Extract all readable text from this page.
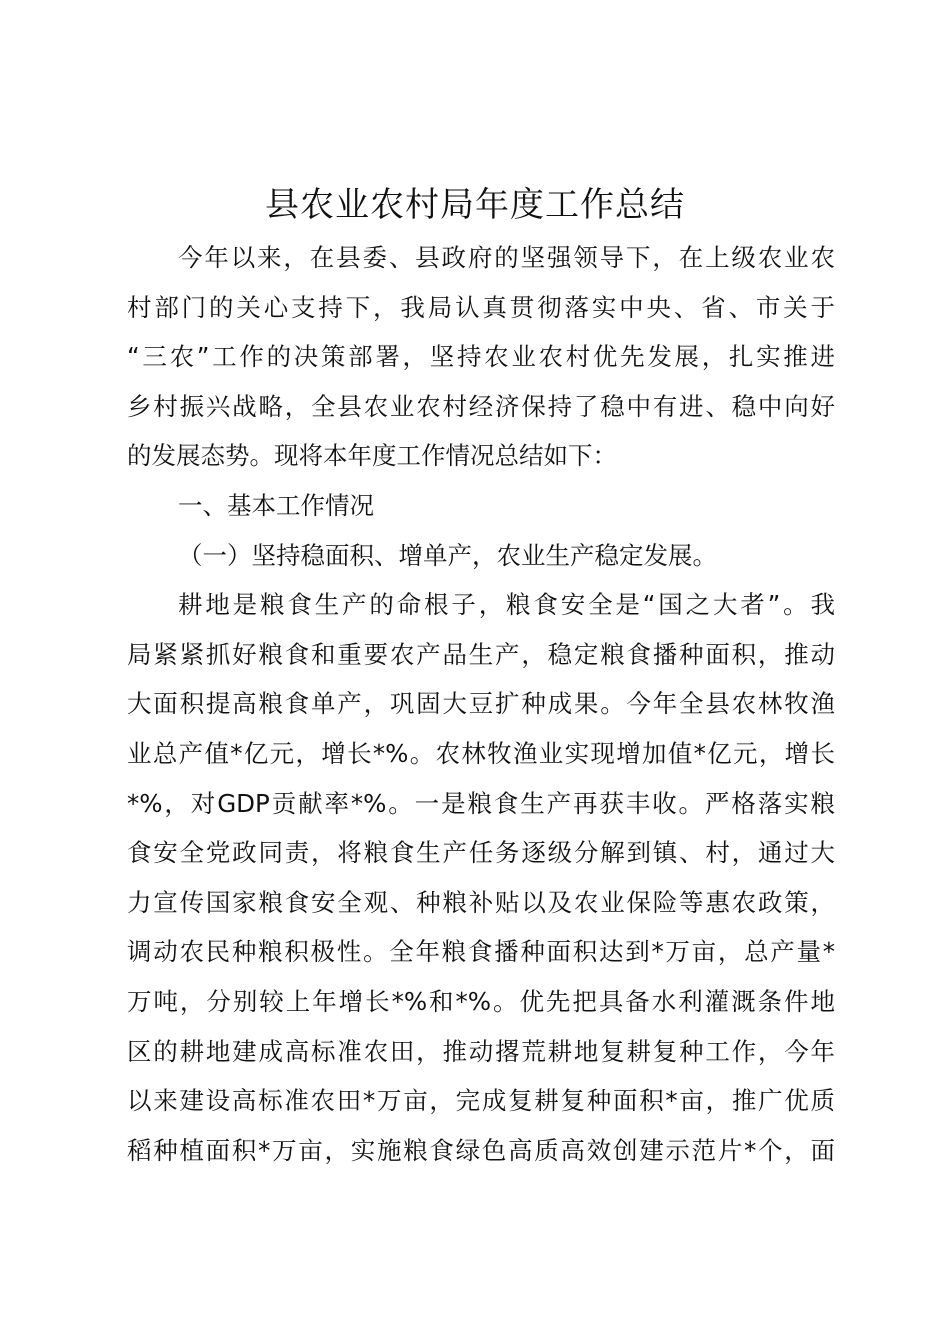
县农业农村局年度工作总结
今年以来，在县委、县政府的坚强领导下，在上级农业农
村部门的关心支持下，我局认真贯彻落实中央、省、市关于
“三农”工作的决策部署，坚持农业农村优先发展，扎实推进
乡村振兴战略，全县农业农村经济保持了稳中有进、稳中向好
的发展态势。现将本年度工作情况总结如下：
一、基本工作情况
（一）坚持稳面积、增单产，农业生产稳定发展。
耕地是粮食生产的命根子，粮食安全是“国之大者”。我
局紧紧抓好粮食和重要农产品生产，稳定粮食播种面积，推动
大面积提高粮食单产，巩固大豆扩种成果。今年全县农林牧渔
业总产值*亿元，增长*%。农林牧渔业实现增加值*亿元，增长
*%，对GDP贡献率*%。一是粮食生产再获丰收。严格落实粮
食安全党政同责，将粮食生产任务逐级分解到镇、村，通过大
力宣传国家粮食安全观、种粮补贴以及农业保险等惠农政策，
调动农民种粮积极性。全年粮食播种面积达到*万亩，总产量*
万吨，分别较上年增长*%和*%。优先把具备水利灌溉条件地
区的耕地建成高标准农田，推动撂荒耕地复耕复种工作，今年
以来建设高标准农田*万亩，完成复耕复种面积*亩，推广优质
稻种植面积*万亩，实施粮食绿色高质高效创建示范片*个，面
